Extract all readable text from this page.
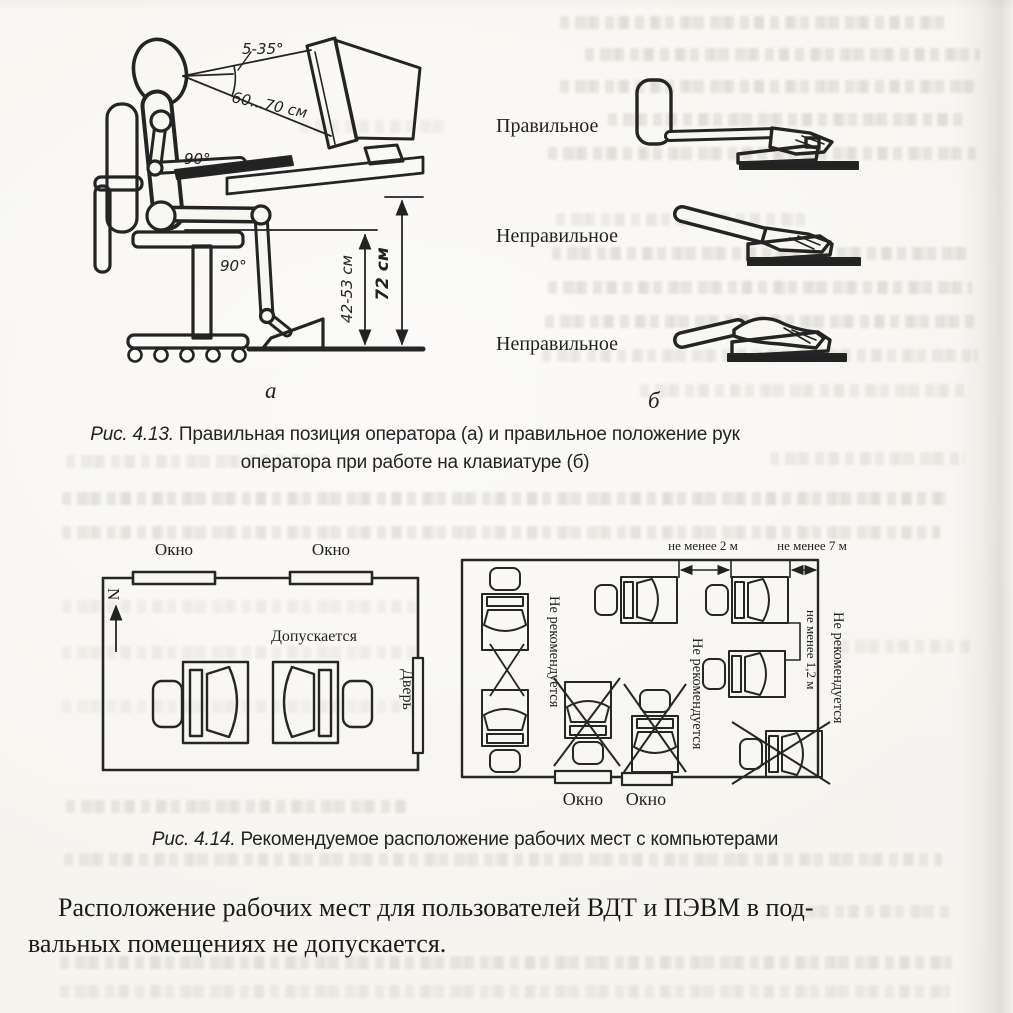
5-35°
60...70 см
90°
90°	42-53 см 72 см
а
Правильное
Неправильное
Неправильное
б
Рис. 4.13. Правильная позиция оператора (а) и правильное положение рук
оператора при работе на клавиатуре (б)
Окно	Окно
N
Допускается
Дверь
не менее 2 м	не менее 7 м
не менее 1,2 м
Не рекомендуется	Не рекомендуется	Не рекомендуется
Окно Окно
Рис. 4.14. Рекомендуемое расположение рабочих мест с компьютерами
Расположение рабочих мест для пользователей ВДТ и ПЭВМ в под-
вальных помещениях не допускается.
